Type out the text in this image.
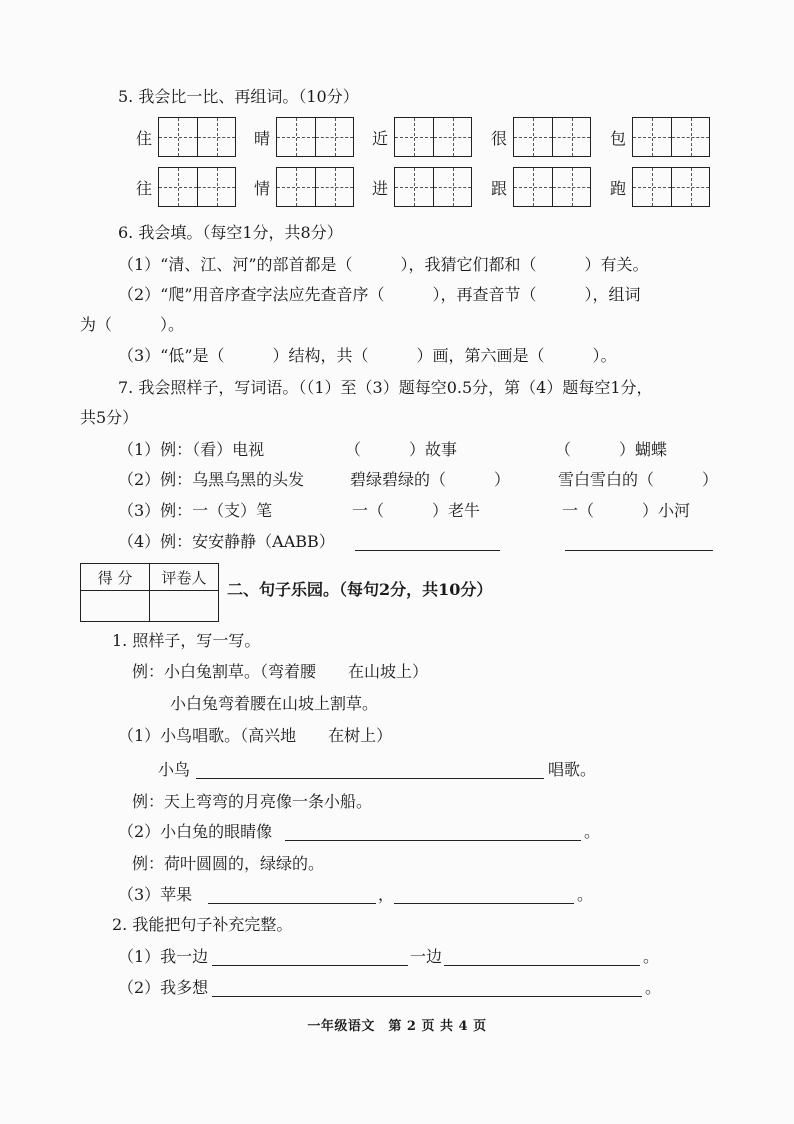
5. 我会比一比、再组词。（10分）
住	晴	近	很	包
往	情	进	跟	跑
6. 我会填。（每空1分，共8分）
（1）“清、江、河”的部首都是（　　　），我猜它们都和（　　　）有关。
（2）“爬”用音序查字法应先查音序（　　　），再查音节（　　　），组词
为（　　　）。
（3）“低”是（　　　）结构，共（　　　）画，第六画是（　　　）。
7. 我会照样子，写词语。（（1）至（3）题每空0.5分，第（4）题每空1分，
共5分）
（1）例：（看）电视	（　　　）故事	（　　　）蝴蝶
（2）例：乌黑乌黑的头发	碧绿碧绿的（　　　）	雪白雪白的（　　　）
（3）例：一（支）笔	一（　　　）老牛	一（　　　）小河
（4）例：安安静静（AABB）
得 分	评卷人

二、句子乐园。（每句2分，共10分）
1. 照样子，写一写。
例：小白兔割草。（弯着腰　　在山坡上）
小白兔弯着腰在山坡上割草。
（1）小鸟唱歌。（高兴地　　在树上）
小鸟	唱歌。
例：天上弯弯的月亮像一条小船。
（2）小白兔的眼睛像	。
例：荷叶圆圆的，绿绿的。
（3）苹果	，	。
2. 我能把句子补充完整。
（1）我一边	一边	。
（2）我多想	。
一年级语文　第 2 页 共 4 页
